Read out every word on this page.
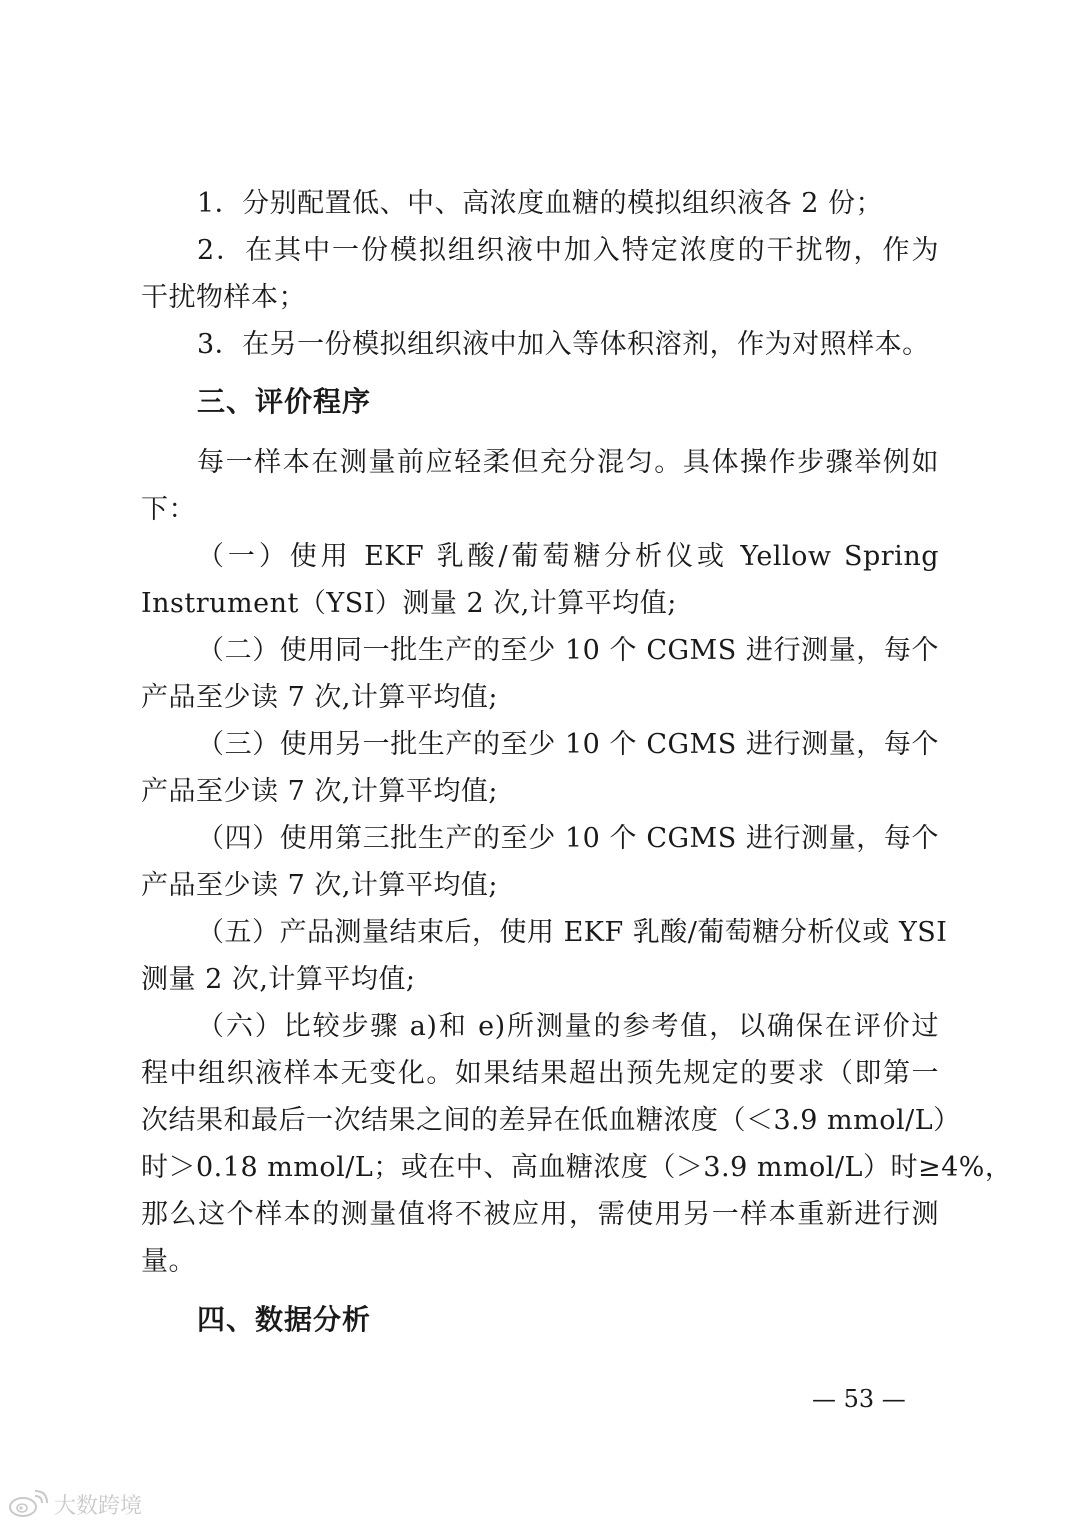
1．分别配置低、中、高浓度血糖的模拟组织液各 2 份；
2．在其中一份模拟组织液中加入特定浓度的干扰物，作为
干扰物样本；
3．在另一份模拟组织液中加入等体积溶剂，作为对照样本。
三、评价程序
每一样本在测量前应轻柔但充分混匀。具体操作步骤举例如
下：
（一）使用 EKF 乳酸/葡萄糖分析仪或 Yellow Spring
Instrument（YSI）测量 2 次,计算平均值;
（二）使用同一批生产的至少 10 个 CGMS 进行测量，每个
产品至少读 7 次,计算平均值;
（三）使用另一批生产的至少 10 个 CGMS 进行测量，每个
产品至少读 7 次,计算平均值;
（四）使用第三批生产的至少 10 个 CGMS 进行测量，每个
产品至少读 7 次,计算平均值;
（五）产品测量结束后，使用 EKF 乳酸/葡萄糖分析仪或 YSI
测量 2 次,计算平均值;
（六）比较步骤 a)和 e)所测量的参考值，以确保在评价过
程中组织液样本无变化。如果结果超出预先规定的要求（即第一
次结果和最后一次结果之间的差异在低血糖浓度（＜3.9 mmol/L）
时＞0.18 mmol/L；或在中、高血糖浓度（＞3.9 mmol/L）时≥4%，
那么这个样本的测量值将不被应用，需使用另一样本重新进行测
量。
四、数据分析
— 53 —
大数跨境
